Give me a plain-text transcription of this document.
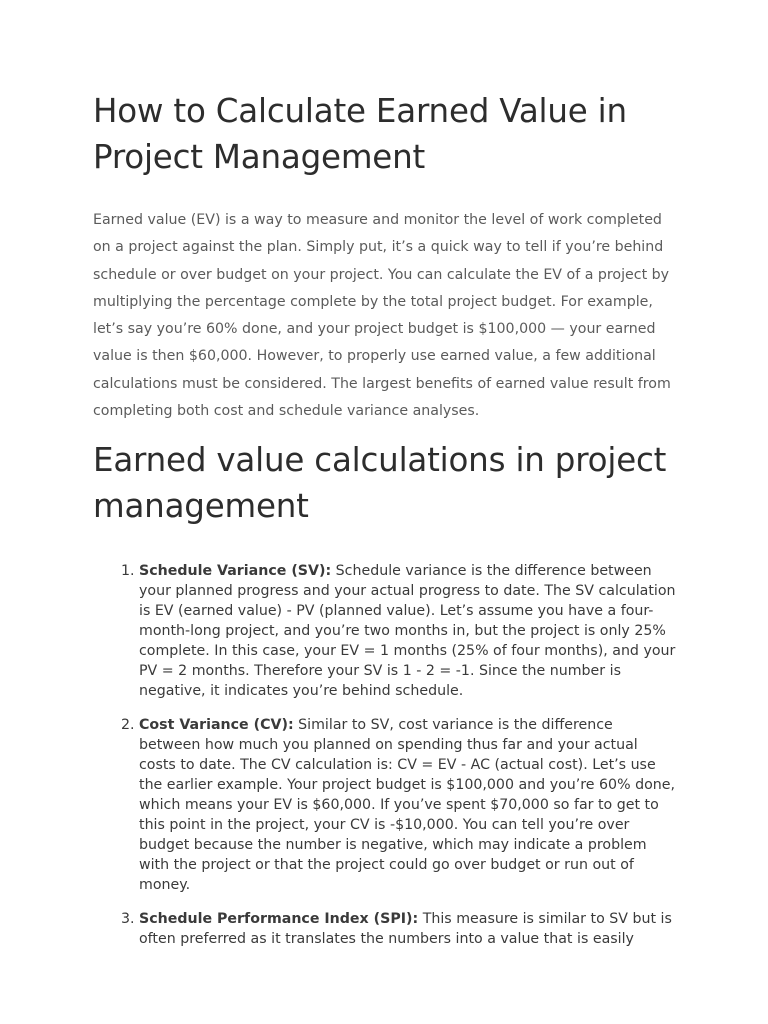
How to Calculate Earned Value in Project Management

Earned value (EV) is a way to measure and monitor the level of work completed on a project against the plan. Simply put, it’s a quick way to tell if you’re behind schedule or over budget on your project. You can calculate the EV of a project by multiplying the percentage complete by the total project budget. For example, let’s say you’re 60% done, and your project budget is $100,000 — your earned value is then $60,000. However, to properly use earned value, a few additional calculations must be considered. The largest benefits of earned value result from completing both cost and schedule variance analyses.

Earned value calculations in project management
1. Schedule Variance (SV): Schedule variance is the difference between your planned progress and your actual progress to date. The SV calculation is EV (earned value) - PV (planned value). Let’s assume you have a four-month-long project, and you’re two months in, but the project is only 25% complete. In this case, your EV = 1 months (25% of four months), and your PV = 2 months. Therefore your SV is 1 - 2 = -1. Since the number is negative, it indicates you’re behind schedule.
2. Cost Variance (CV): Similar to SV, cost variance is the difference between how much you planned on spending thus far and your actual costs to date. The CV calculation is: CV = EV - AC (actual cost). Let’s use the earlier example. Your project budget is $100,000 and you’re 60% done, which means your EV is $60,000. If you’ve spent $70,000 so far to get to this point in the project, your CV is -$10,000. You can tell you’re over budget because the number is negative, which may indicate a problem with the project or that the project could go over budget or run out of money.
3. Schedule Performance Index (SPI): This measure is similar to SV but is often preferred as it translates the numbers into a value that is easily
